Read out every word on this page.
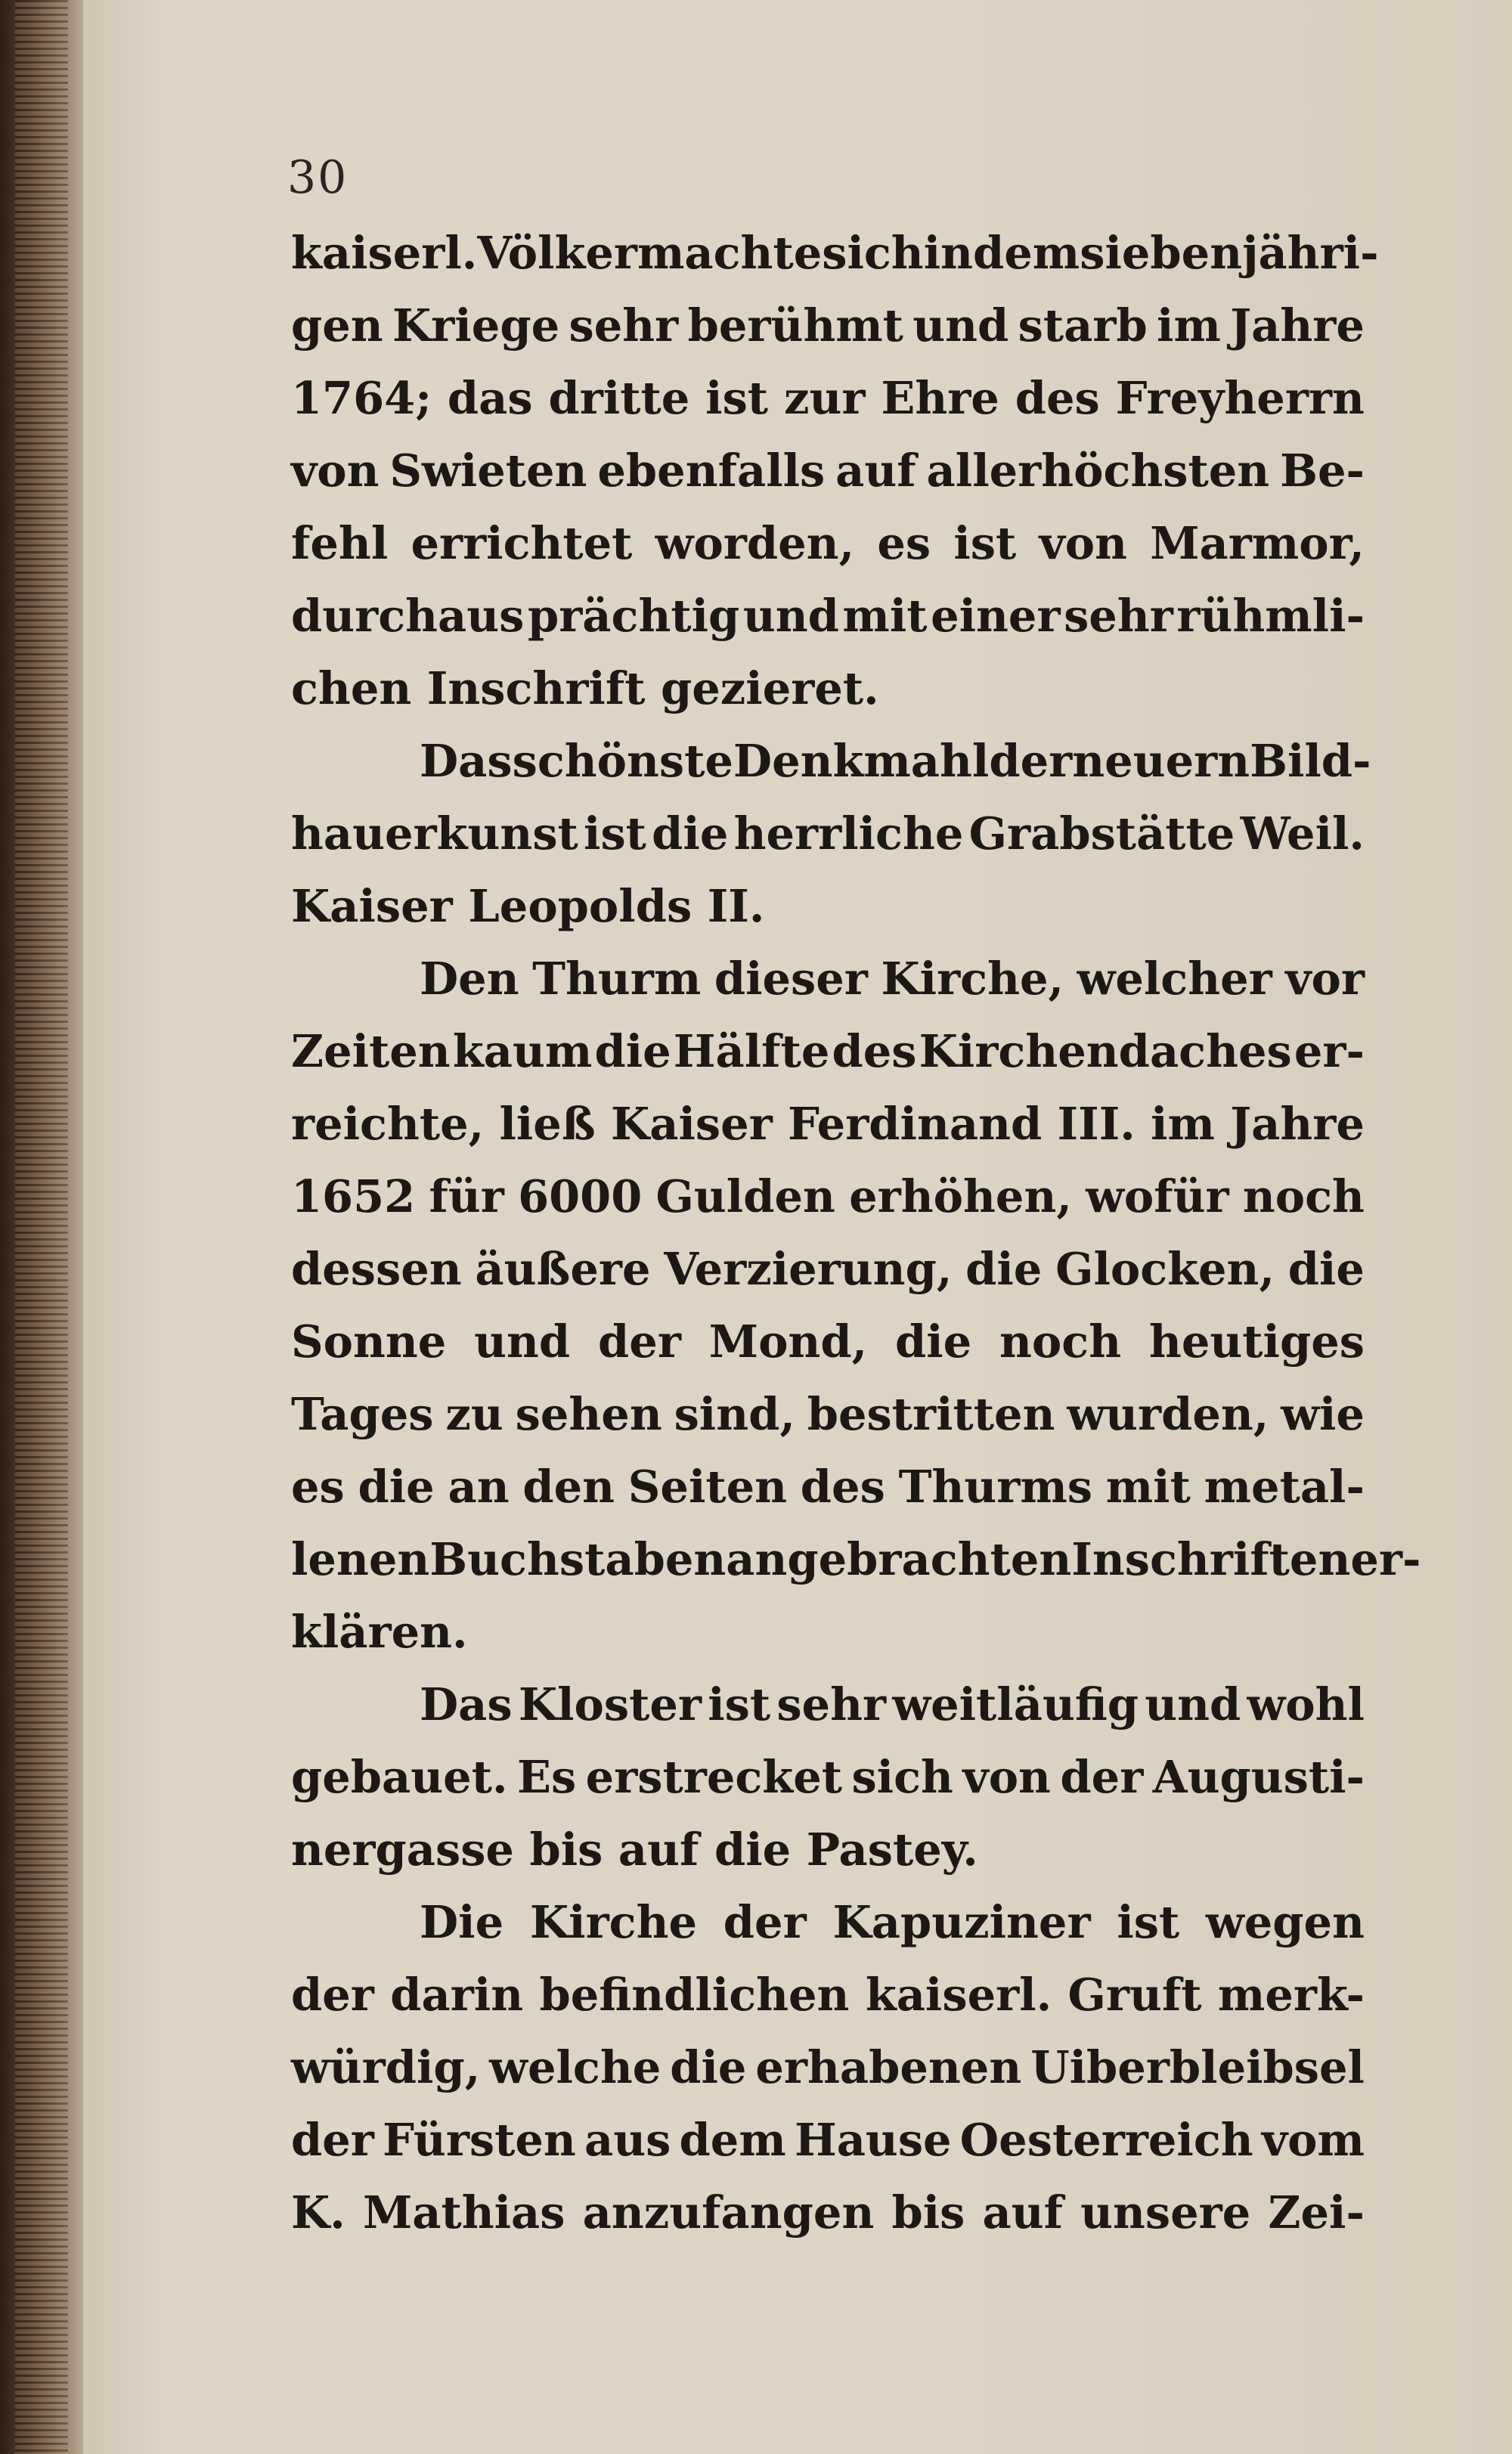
30
kaiserl. Völker machte sich in dem siebenjähri-
gen Kriege sehr berühmt und starb im Jahre
1764; das dritte ist zur Ehre des Freyherrn
von Swieten ebenfalls auf allerhöchsten Be-
fehl errichtet worden, es ist von Marmor,
durchaus prächtig und mit einer sehr rühmli-
chen Inschrift gezieret.
Das schönste Denkmahl der neuern Bild-
hauerkunst ist die herrliche Grabstätte Weil.
Kaiser Leopolds II.
Den Thurm dieser Kirche, welcher vor
Zeiten kaum die Hälfte des Kirchendaches er-
reichte, ließ Kaiser Ferdinand III. im Jahre
1652 für 6000 Gulden erhöhen, wofür noch
dessen äußere Verzierung, die Glocken, die
Sonne und der Mond, die noch heutiges
Tages zu sehen sind, bestritten wurden, wie
es die an den Seiten des Thurms mit metal-
lenen Buchstaben angebrachten Inschriften er-
klären.
Das Kloster ist sehr weitläufig und wohl
gebauet. Es erstrecket sich von der Augusti-
nergasse bis auf die Pastey.
Die Kirche der Kapuziner ist wegen
der darin befindlichen kaiserl. Gruft merk-
würdig, welche die erhabenen Uiberbleibsel
der Fürsten aus dem Hause Oesterreich vom
K. Mathias anzufangen bis auf unsere Zei-
